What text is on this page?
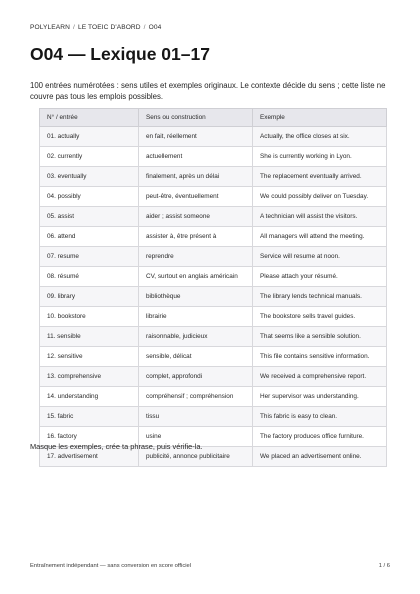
POLYLEARN / LE TOEIC D'ABORD / O04
O04 — Lexique 01–17

100 entrées numérotées : sens utiles et exemples originaux. Le contexte décide du sens ; cette liste ne couvre pas tous les emplois possibles.

N° / entrée	Sens ou construction	Exemple
01. actually	en fait, réellement	Actually, the office closes at six.
02. currently	actuellement	She is currently working in Lyon.
03. eventually	finalement, après un délai	The replacement eventually arrived.
04. possibly	peut-être, éventuellement	We could possibly deliver on Tuesday.
05. assist	aider ; assist someone	A technician will assist the visitors.
06. attend	assister à, être présent à	All managers will attend the meeting.
07. resume	reprendre	Service will resume at noon.
08. résumé	CV, surtout en anglais américain	Please attach your résumé.
09. library	bibliothèque	The library lends technical manuals.
10. bookstore	librairie	The bookstore sells travel guides.
11. sensible	raisonnable, judicieux	That seems like a sensible solution.
12. sensitive	sensible, délicat	This file contains sensitive information.
13. comprehensive	complet, approfondi	We received a comprehensive report.
14. understanding	compréhensif ; compréhension	Her supervisor was understanding.
15. fabric	tissu	This fabric is easy to clean.
16. factory	usine	The factory produces office furniture.
17. advertisement	publicité, annonce publicitaire	We placed an advertisement online.
Masque les exemples, crée ta phrase, puis vérifie-la.
Entraînement indépendant — sans conversion en score officiel	1 / 6
